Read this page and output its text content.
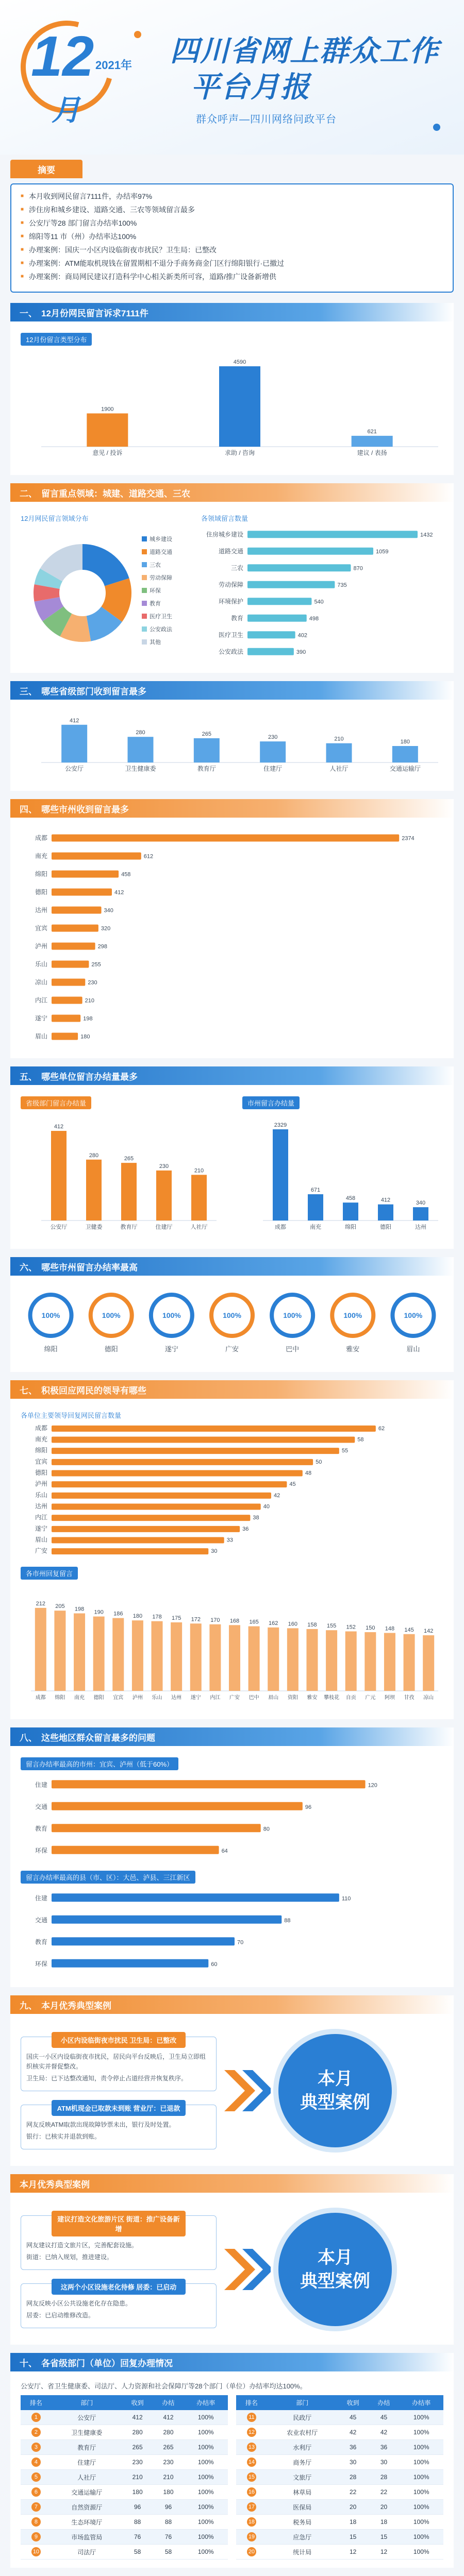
12
月
2021年 四川省网上群众工作
平台月报
群众呼声—四川网络问政平台
摘要
■ 本月收到网民留言7111件，办结率97%
■ 涉住房和城乡建设、道路交通、三农等领域留言最多
■ 公安厅等28 部门留言办结率100%
■ 绵阳等11 市（州）办结率达100%
■ 办理案例：国庆一小区内设临街夜市扰民？卫生局：已整改
■ 办理案例：ATM能取机现钱在留置期相不退分手商务商金门区行绵阳银行·已撤过
■ 办理案例：商局网民建议打造科学中心相关新类所可容，道路/推广设备新增供
一、 12月份网民留言诉求7111件
12月份留言类型分布
1900
意见 / 投诉
4590
求助 / 咨询
621
建议 / 表扬
二、 留言重点领域：城建、道路交通、三农
12月网民留言领域分布
城乡建设
道路交通
三农
劳动保障
环保
教育
医疗卫生
公安政法
其他
各领域留言数量
住房城乡建设	1432
道路交通	1059
三农	870
劳动保障	735
环境保护	540
教育	498
医疗卫生	402
公安政法	390
三、 哪些省级部门收到留言最多
412
公安厅
280
卫生健康委
265
教育厅
230
住建厅
210
人社厅
180
交通运输厅
四、 哪些市州收到留言最多
成都	2374
南充	612
绵阳	458
德阳	412
达州	340
宜宾	320
泸州	298
乐山	255
凉山	230
内江	210
遂宁	198
眉山	180
五、 哪些单位留言办结量最多
省级部门留言办结量
412
公安厅
280
卫健委
265
教育厅
230
住建厅
210
人社厅
市州留言办结量
2329
成都
671
南充
458
绵阳
412
德阳
340
达州
六、 哪些市州留言办结率最高
100%
绵阳
100%
德阳
100%
遂宁
100%
广安
100%
巴中
100%
雅安
100%
眉山
七、 积极回应网民的领导有哪些
各单位主要领导回复网民留言数量
成都	62
南充	58
绵阳	55
宜宾	50
德阳	48
泸州	45
乐山	42
达州	40
内江	38
遂宁	36
眉山	33
广安	30
各市州回复留言
212
成都
205
绵阳
198
南充
190
德阳
186
宜宾
180
泸州
178
乐山
175
达州
172
遂宁
170
内江
168
广安
165
巴中
162
眉山
160
资阳
158
雅安
155
攀枝花
152
自贡
150
广元
148
阿坝
145
甘孜
142
凉山
八、 这些地区群众留言最多的问题
留言办结率最高的市州：宜宾、泸州（低于60%）
住建	120
交通	96
教育	80
环保	64
留言办结率最高的县（市、区）：大邑、泸县、三江新区
住建	110
交通	88
教育	70
环保	60
九、 本月优秀典型案例
小区内设临街夜市扰民 卫生局：已整改

国庆一小区内设临街夜市扰民，居民向平台反映后，卫生局立即组织核实并督促整改。

卫生局：已下达整改通知，责令停止占道经营并恢复秩序。

ATM机现金已取款未到账 营业厅：已退款

网友反映ATM取款出现故障钞票未出，银行及时处置。

银行：已核实并退款到账。

本月
典型案例
本月优秀典型案例
建议打造文化旅游片区 街道：推广设备新增

网友建议打造文旅片区，完善配套设施。

街道：已纳入规划，推进建设。

这两个小区设施老化待修 居委：已启动

网友反映小区公共设施老化存在隐患。

居委：已启动维修改造。

本月
典型案例
十、 各省级部门（单位）回复办理情况
公安厅、省卫生健康委、司法厅、人力资源和社会保障厅等28个部门（单位）办结率均达100%。
排名	部门	收到	办结	办结率
1	公安厅	412	412	100%
2	卫生健康委	280	280	100%
3	教育厅	265	265	100%
4	住建厅	230	230	100%
5	人社厅	210	210	100%
6	交通运输厅	180	180	100%
7	自然资源厅	96	96	100%
8	生态环境厅	88	88	100%
9	市场监管局	76	76	100%
10	司法厅	58	58	100%
排名	部门	收到	办结	办结率
11	民政厅	45	45	100%
12	农业农村厅	42	42	100%
13	水利厅	36	36	100%
14	商务厅	30	30	100%
15	文旅厅	28	28	100%
16	林草局	22	22	100%
17	医保局	20	20	100%
18	税务局	18	18	100%
19	应急厅	15	15	100%
20	统计局	12	12	100%
